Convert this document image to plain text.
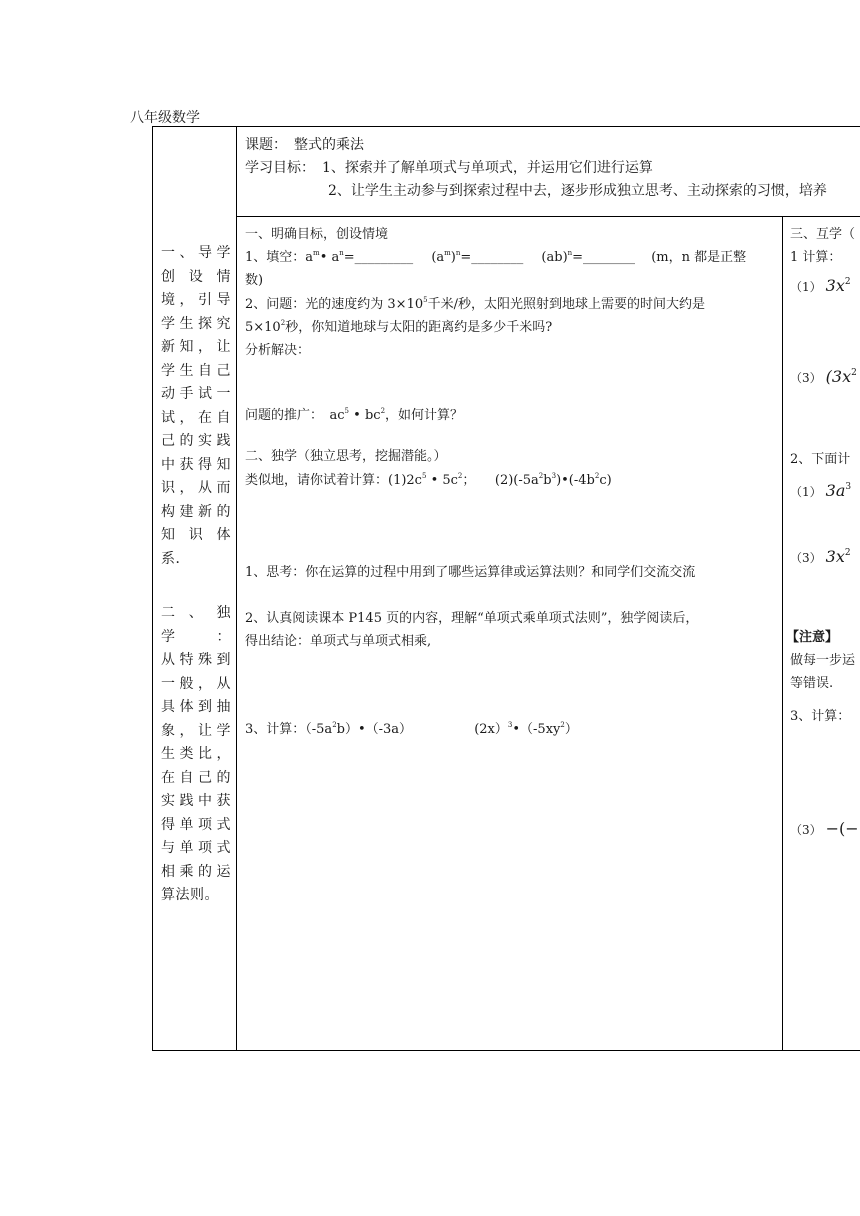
八年级数学
课题：　整式的乘法
学习目标：　1、探索并了解单项式与单项式，并运用它们进行运算
2、让学生主动参与到探索过程中去，逐步形成独立思考、主动探索的习惯，培养
一、导学
创 设 情
境，引导
学生探究
新知，让
学生自己
动手试一
试，在自
己的实践
中获得知
识，从而
构建新的
知 识 体
系．
二、独学：
从特殊到
一般，从
具体到抽
象，让学
生类比，
在自己的
实践中获
得单项式
与单项式
相乘的运
算法则。
一、明确目标，创设情境
1、填空：$a^m•$ $a^n=\_\_\_\_\_\_\_\_\_$ $(a^m)^n=\_\_\_\_\_\_\_\_$ (ab)$^n$=________ (m，n 都是正整
数)
2、问题：光的速度约为 $3\times 10^5$千米/秒，太阳光照射到地球上需要的时间大约是
$5\times 10^2$秒，你知道地球与太阳的距离约是多少千米吗?
分析解决：
问题的推广：　$ac^5$ • $bc^2$，如何计算？
二、独学（独立思考，挖掘潜能。）
类似地，请你试着计算：$(1)2c^5$ • $5c^2$；　　$(2)(-5a^2b^3)•(-4b^2c)$
1、思考：你在运算的过程中用到了哪些运算律或运算法则？和同学们交流交流
2、认真阅读课本 P145 页的内容，理解“单项式乘单项式法则”，独学阅读后，
得出结论：单项式与单项式相乘,
3、计算：$(-5a^2b)•(-3a)$	$(2x)^3•(-5xy^2)$
三、互学（
1 计算：
（1） $3x^2$
（3） ($3x^2$
2、下面计
（1） $3a^3$
（3） $3x^2$
【注意】
做每一步运
等错误.
3、计算：
（3） −(−
